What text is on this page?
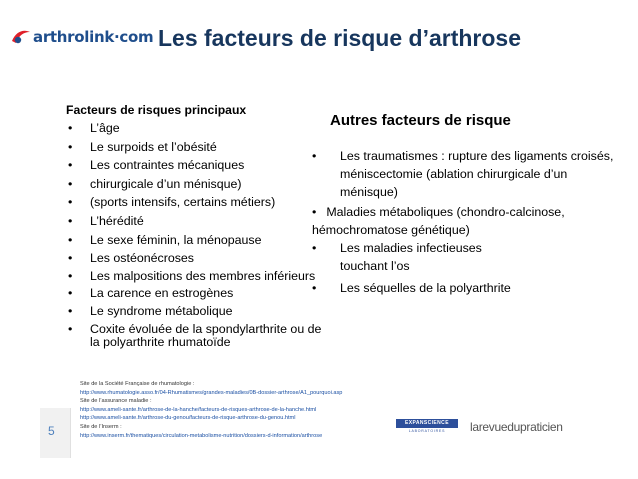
arthrolink·com Les facteurs de risque d’arthrose
Facteurs de risques principaux
• L’âge
• Le surpoids et l’obésité
• Les contraintes mécaniques
• chirurgicale d’un ménisque)
• (sports intensifs, certains métiers)
• L’hérédité
• Le sexe féminin, la ménopause
• Les ostéonécroses
• Les malpositions des membres inférieurs
• La carence en estrogènes
• Le syndrome métabolique
• Coxite évoluée de la spondylarthrite ou de la polyarthrite rhumatoïde
Autres facteurs de risque
• Les traumatismes : rupture des ligaments croisés, méniscectomie (ablation chirurgicale d’un ménisque)
• Maladies métaboliques (chondro-calcinose, hémochromatose génétique)
• Les maladies infectieuses touchant l’os
• Les séquelles de la polyarthrite
5
Site de la Société Française de rhumatologie :
http://www.rhumatologie.asso.fr/04-Rhumatismes/grandes-maladies/0B-dossier-arthrose/A1_pourquoi.asp
Site de l’assurance maladie :
http://www.ameli-sante.fr/arthrose-de-la-hanche/facteurs-de-risques-arthrose-de-la-hanche.html
http://www.ameli-sante.fr/arthrose-du-genou/facteurs-de-risque-arthrose-du-genou.html
Site de l’Inserm :
http://www.inserm.fr/thematiques/circulation-metabolisme-nutrition/dossiers-d-information/arthrose
EXPANSCIENCE
LABORATOIRES	larevuedupraticien
